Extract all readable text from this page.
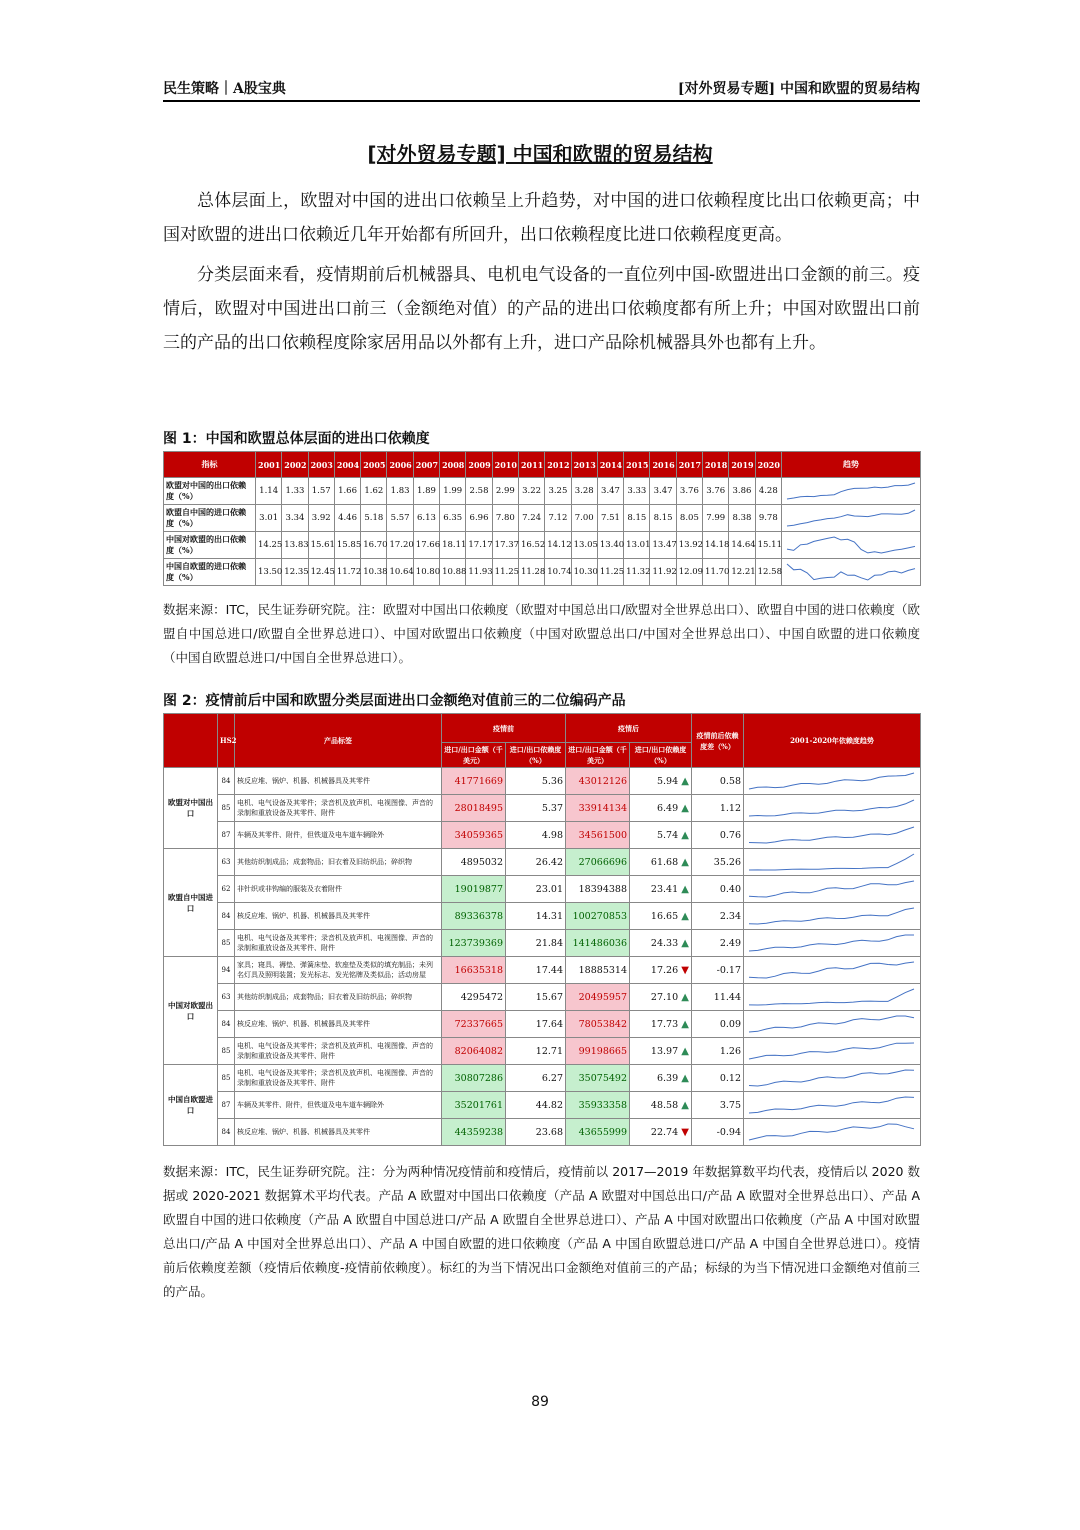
民生策略｜A股宝典	[对外贸易专题] 中国和欧盟的贸易结构
[对外贸易专题] 中国和欧盟的贸易结构
总体层面上，欧盟对中国的进出口依赖呈上升趋势，对中国的进口依赖程度比出口依赖更高；中国对欧盟的进出口依赖近几年开始都有所回升，出口依赖程度比进口依赖程度更高。
分类层面来看，疫情期前后机械器具、电机电气设备的一直位列中国-欧盟进出口金额的前三。疫情后，欧盟对中国进出口前三（金额绝对值）的产品的进出口依赖度都有所上升；中国对欧盟出口前三的产品的出口依赖程度除家居用品以外都有上升，进口产品除机械器具外也都有上升。
图 1：中国和欧盟总体层面的进出口依赖度
指标	2001	2002	2003	2004	2005	2006	2007	2008	2009	2010	2011	2012	2013	2014	2015	2016	2017	2018	2019	2020	趋势
欧盟对中国的出口依赖度（%）	1.14	1.33	1.57	1.66	1.62	1.83	1.89	1.99	2.58	2.99	3.22	3.25	3.28	3.47	3.33	3.47	3.76	3.76	3.86	4.28	

欧盟自中国的进口依赖度（%）	3.01	3.34	3.92	4.46	5.18	5.57	6.13	6.35	6.96	7.80	7.24	7.12	7.00	7.51	8.15	8.15	8.05	7.99	8.38	9.78	

中国对欧盟的出口依赖度（%）	14.25	13.83	15.61	15.85	16.70	17.20	17.66	18.11	17.17	17.37	16.52	14.12	13.05	13.40	13.01	13.47	13.92	14.18	14.64	15.11	

中国自欧盟的进口依赖度（%）	13.50	12.35	12.45	11.72	10.38	10.64	10.80	10.88	11.93	11.25	11.28	10.74	10.30	11.25	11.32	11.92	12.09	11.70	12.21	12.58	
数据来源：ITC，民生证券研究院。注：欧盟对中国出口依赖度（欧盟对中国总出口/欧盟对全世界总出口）、欧盟自中国的进口依赖度（欧盟自中国总进口/欧盟自全世界总进口）、中国对欧盟出口依赖度（中国对欧盟总出口/中国对全世界总出口）、中国自欧盟的进口依赖度（中国自欧盟总进口/中国自全世界总进口）。
图 2：疫情前后中国和欧盟分类层面进出口金额绝对值前三的二位编码产品
	HS2	产品标签	疫情前		疫情后		疫情前后依赖度差（%）	2001-2020年依赖度趋势
			进口/出口金额（千美元）	进口/出口依赖度（%）	进口/出口金额（千美元）	进口/出口依赖度（%）		
欧盟对中国出口	84	核反应堆、锅炉、机器、机械器具及其零件	41771669	5.36	43012126	5.94 ▲	0.58	

	85	电机、电气设备及其零件；录音机及放声机、电视图像、声音的录制和重放设备及其零件、附件	28018495	5.37	33914134	6.49 ▲	1.12	

	87	车辆及其零件、附件，但铁道及电车道车辆除外	34059365	4.98	34561500	5.74 ▲	0.76	

欧盟自中国进口	63	其他纺织制成品；成套物品；旧衣着及旧纺织品；碎织物	4895032	26.42	27066696	61.68 ▲	35.26	

	62	非针织或非钩编的服装及衣着附件	19019877	23.01	18394388	23.41 ▲	0.40	

	84	核反应堆、锅炉、机器、机械器具及其零件	89336378	14.31	100270853	16.65 ▲	2.34	

	85	电机、电气设备及其零件；录音机及放声机、电视图像、声音的录制和重放设备及其零件、附件	123739369	21.84	141486036	24.33 ▲	2.49	

中国对欧盟出口	94	家具；寝具、褥垫、弹簧床垫、软座垫及类似的填充制品；未列名灯具及照明装置；发光标志、发光铭牌及类似品；活动房屋	16635318	17.44	18885314	17.26 ▼	-0.17	

	63	其他纺织制成品；成套物品；旧衣着及旧纺织品；碎织物	4295472	15.67	20495957	27.10 ▲	11.44	

	84	核反应堆、锅炉、机器、机械器具及其零件	72337665	17.64	78053842	17.73 ▲	0.09	

	85	电机、电气设备及其零件；录音机及放声机、电视图像、声音的录制和重放设备及其零件、附件	82064082	12.71	99198665	13.97 ▲	1.26	

中国自欧盟进口	85	电机、电气设备及其零件；录音机及放声机、电视图像、声音的录制和重放设备及其零件、附件	30807286	6.27	35075492	6.39 ▲	0.12	

	87	车辆及其零件、附件，但铁道及电车道车辆除外	35201761	44.82	35933358	48.58 ▲	3.75	

	84	核反应堆、锅炉、机器、机械器具及其零件	44359238	23.68	43655999	22.74 ▼	-0.94	
数据来源：ITC，民生证券研究院。注：分为两种情况疫情前和疫情后，疫情前以 2017—2019 年数据算数平均代表，疫情后以 2020 数据或 2020-2021 数据算术平均代表。产品 A 欧盟对中国出口依赖度（产品 A 欧盟对中国总出口/产品 A 欧盟对全世界总出口）、产品 A 欧盟自中国的进口依赖度（产品 A 欧盟自中国总进口/产品 A 欧盟自全世界总进口）、产品 A 中国对欧盟出口依赖度（产品 A 中国对欧盟总出口/产品 A 中国对全世界总出口）、产品 A 中国自欧盟的进口依赖度（产品 A 中国自欧盟总进口/产品 A 中国自全世界总进口）。疫情前后依赖度差额（疫情后依赖度-疫情前依赖度）。标红的为当下情况出口金额绝对值前三的产品；标绿的为当下情况进口金额绝对值前三的产品。
89
